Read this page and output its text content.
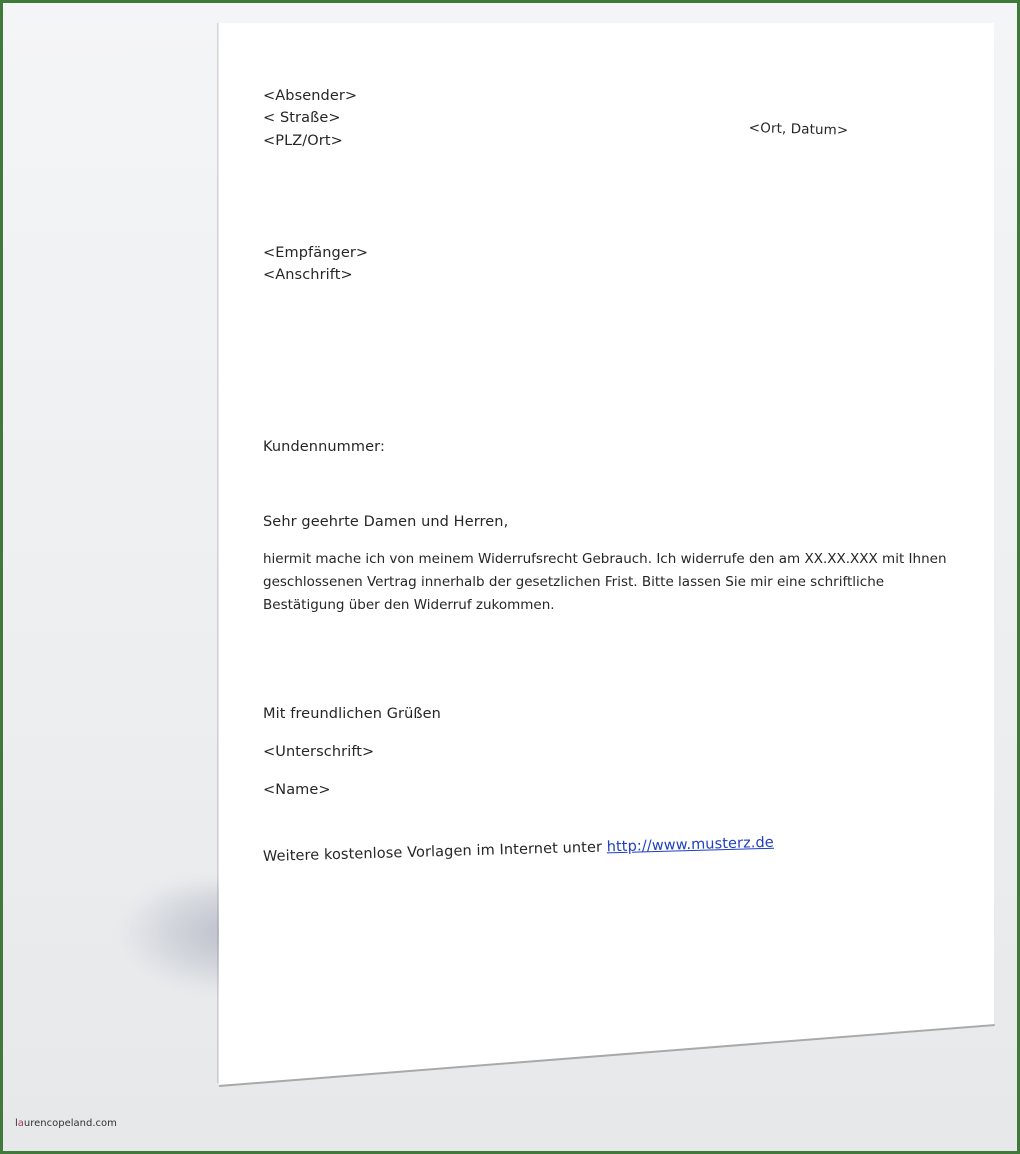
<Absender>
< Straße>
<PLZ/Ort>
<Ort, Datum>
<Empfänger>
<Anschrift>
Kundennummer:
Sehr geehrte Damen und Herren,
hiermit mache ich von meinem Widerrufsrecht Gebrauch. Ich widerrufe den am XX.XX.XXX mit Ihnen
geschlossenen Vertrag innerhalb der gesetzlichen Frist. Bitte lassen Sie mir eine schriftliche
Bestätigung über den Widerruf zukommen.
Mit freundlichen Grüßen
<Unterschrift>
<Name>
Weitere kostenlose Vorlagen im Internet unter http://www.musterz.de
laurencopeland.com
